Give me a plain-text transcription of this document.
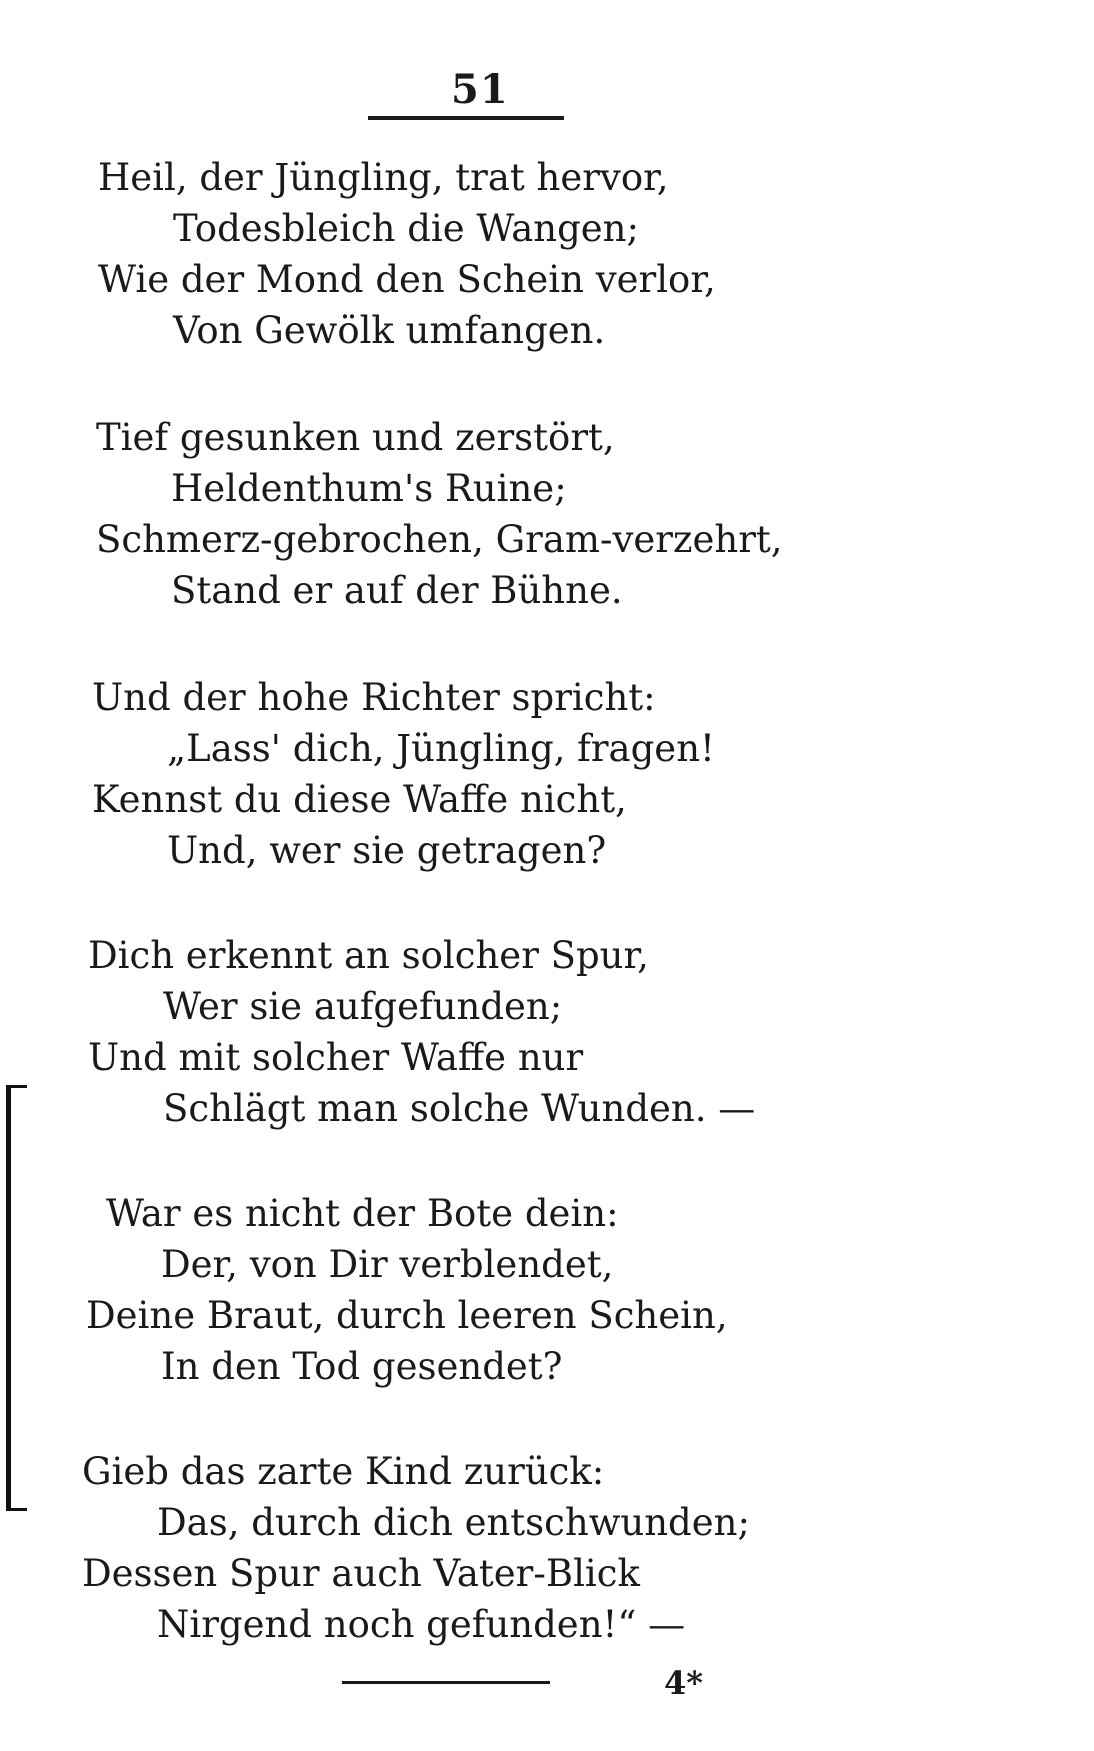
51
Heil, der Jüngling, trat hervor,
Todesbleich die Wangen;
Wie der Mond den Schein verlor,
Von Gewölk umfangen.
Tief gesunken und zerstört,
Heldenthum's Ruine;
Schmerz-gebrochen, Gram-verzehrt,
Stand er auf der Bühne.
Und der hohe Richter spricht:
„Lass' dich, Jüngling, fragen!
Kennst du diese Waffe nicht,
Und, wer sie getragen?
Dich erkennt an solcher Spur,
Wer sie aufgefunden;
Und mit solcher Waffe nur
Schlägt man solche Wunden. —
War es nicht der Bote dein:
Der, von Dir verblendet,
Deine Braut, durch leeren Schein,
In den Tod gesendet?
Gieb das zarte Kind zurück:
Das, durch dich entschwunden;
Dessen Spur auch Vater-Blick
Nirgend noch gefunden!“ —
4*
